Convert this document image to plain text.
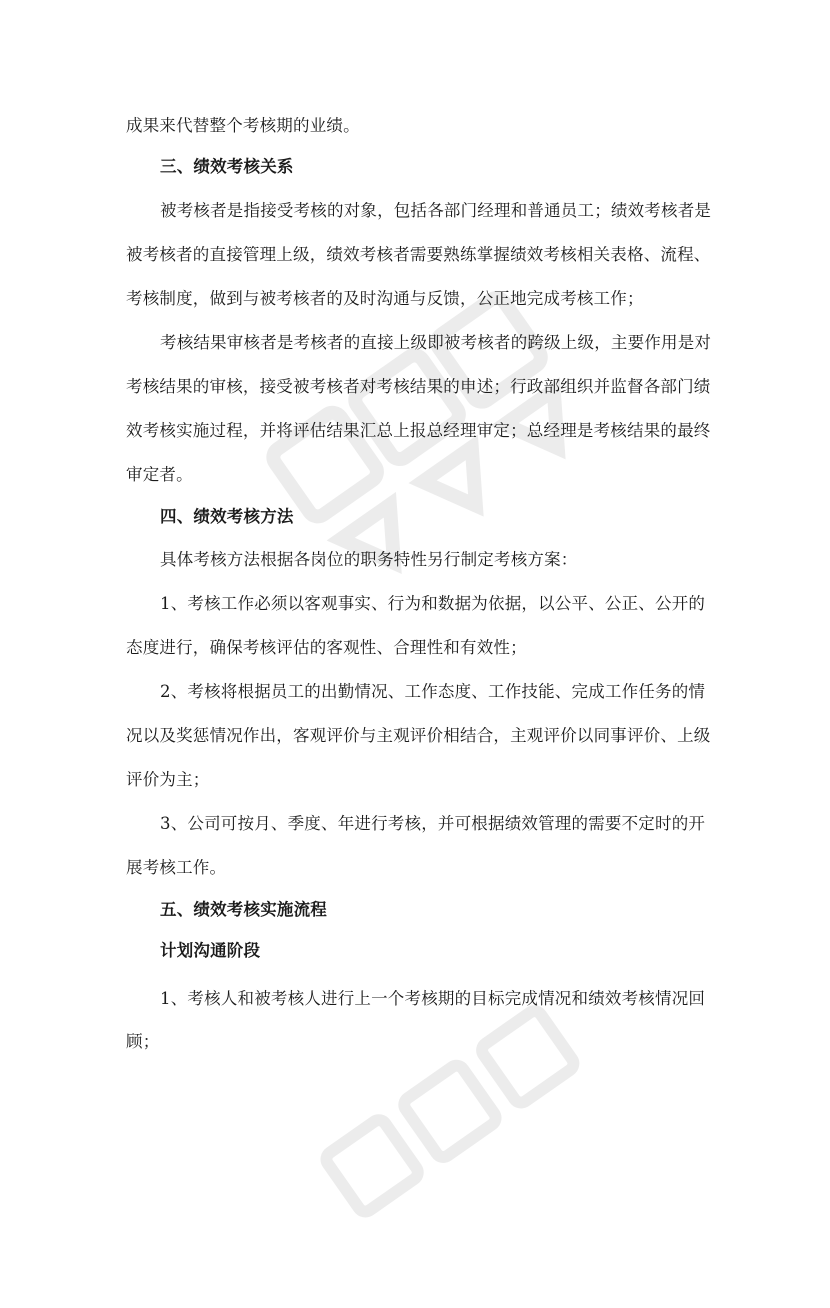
成果来代替整个考核期的业绩。
三、绩效考核关系
被考核者是指接受考核的对象，包括各部门经理和普通员工；绩效考核者是
被考核者的直接管理上级，绩效考核者需要熟练掌握绩效考核相关表格、流程、
考核制度，做到与被考核者的及时沟通与反馈，公正地完成考核工作；
考核结果审核者是考核者的直接上级即被考核者的跨级上级，主要作用是对
考核结果的审核，接受被考核者对考核结果的申述；行政部组织并监督各部门绩
效考核实施过程，并将评估结果汇总上报总经理审定；总经理是考核结果的最终
审定者。
四、绩效考核方法
具体考核方法根据各岗位的职务特性另行制定考核方案：
1、考核工作必须以客观事实、行为和数据为依据，以公平、公正、公开的
态度进行，确保考核评估的客观性、合理性和有效性；
2、考核将根据员工的出勤情况、工作态度、工作技能、完成工作任务的情
况以及奖惩情况作出，客观评价与主观评价相结合，主观评价以同事评价、上级
评价为主；
3、公司可按月、季度、年进行考核，并可根据绩效管理的需要不定时的开
展考核工作。
五、绩效考核实施流程
计划沟通阶段
1、考核人和被考核人进行上一个考核期的目标完成情况和绩效考核情况回
顾；
